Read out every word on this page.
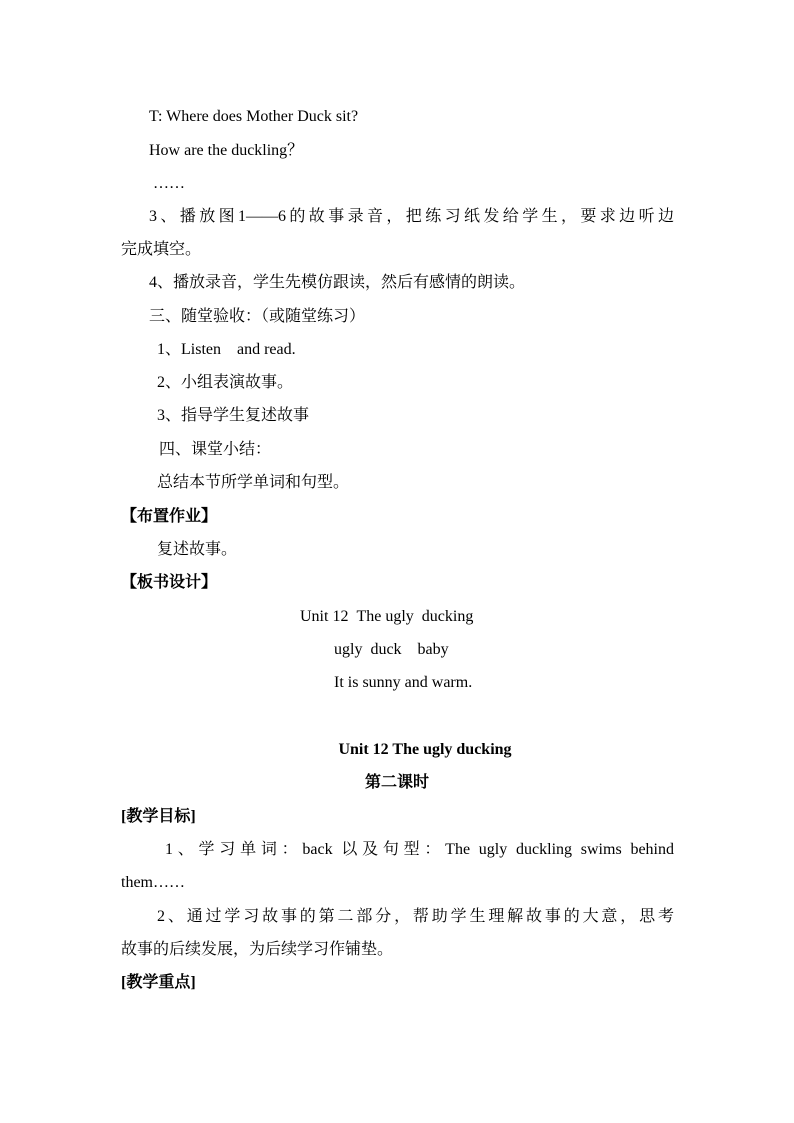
T: Where does Mother Duck sit?
How are the duckling？
……
3、播放图1——6的故事录音，把练习纸发给学生，要求边听边
完成填空。
4、播放录音，学生先模仿跟读，然后有感情的朗读。
三、随堂验收：（或随堂练习）
1、Listen    and read.
2、小组表演故事。
3、指导学生复述故事
四、课堂小结：
总结本节所学单词和句型。
【布置作业】
复述故事。
【板书设计】
Unit 12  The ugly  ducking
ugly  duck    baby
It is sunny and warm.
Unit 12 The ugly ducking
第二课时
[教学目标]
1、学习单词：back 以及句型：The ugly duckling swims behind
them……
2、通过学习故事的第二部分，帮助学生理解故事的大意，思考
故事的后续发展，为后续学习作铺垫。
[教学重点]
